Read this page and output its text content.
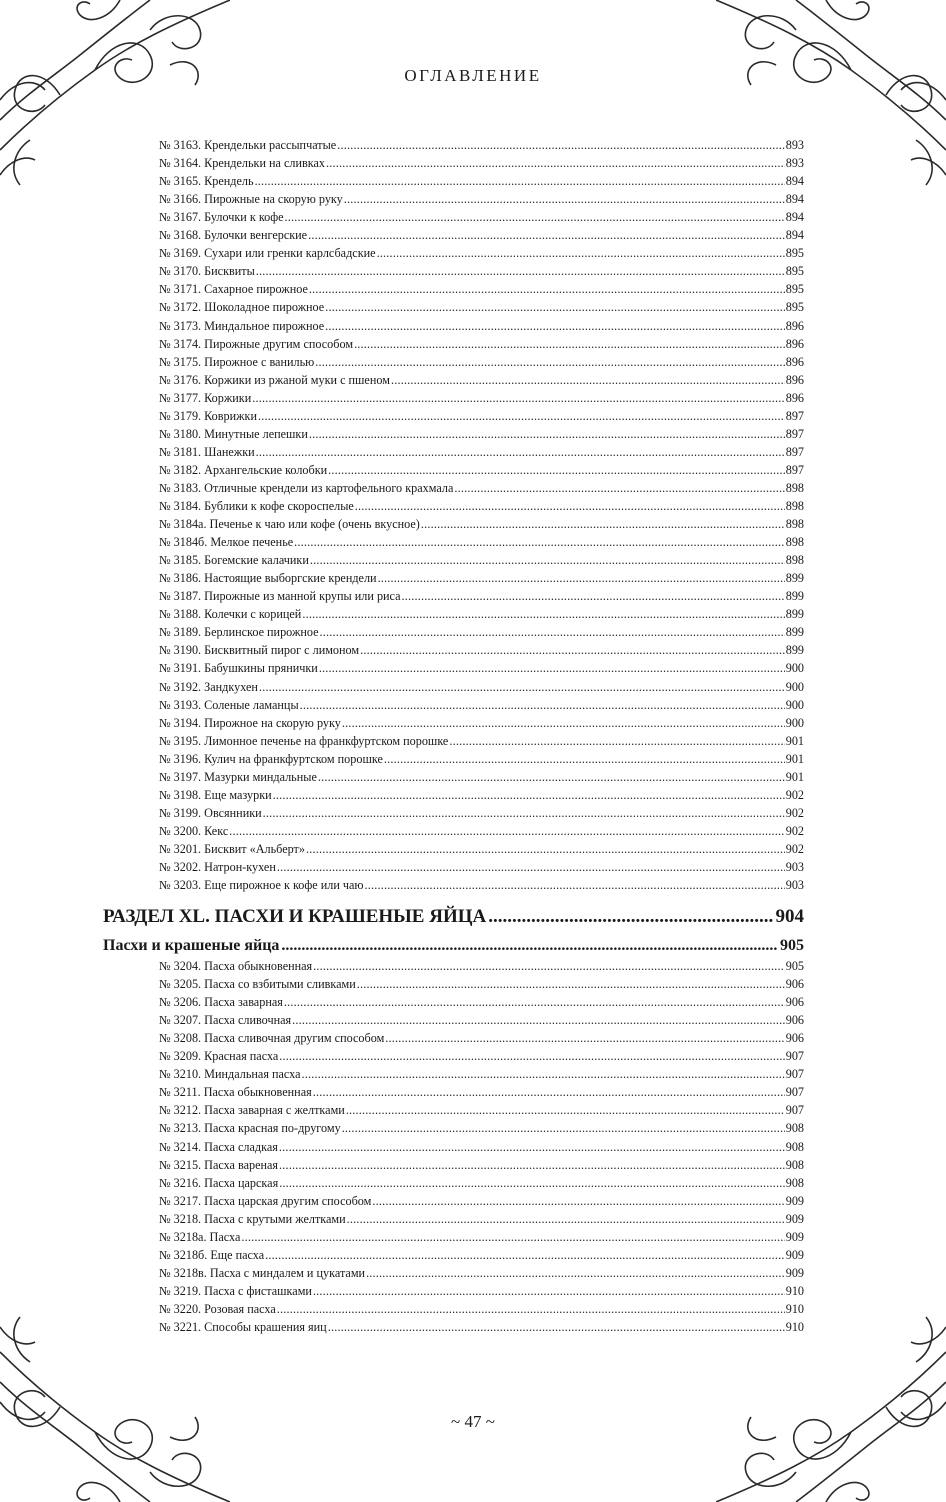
ОГЛАВЛЕНИЕ
№ 3163. Крендельки рассыпчатые .....	893
№ 3164. Крендельки на сливках .....	893
№ 3165. Крендель .....	894
№ 3166. Пирожные на скорую руку .....	894
№ 3167. Булочки к кофе .....	894
№ 3168. Булочки венгерские .....	894
№ 3169. Сухари или гренки карлсбадские .....	895
№ 3170. Бисквиты .....	895
№ 3171. Сахарное пирожное .....	895
№ 3172. Шоколадное пирожное .....	895
№ 3173. Миндальное пирожное .....	896
№ 3174. Пирожные другим способом .....	896
№ 3175. Пирожное с ванилью .....	896
№ 3176. Коржики из ржаной муки с пшеном .....	896
№ 3177. Коржики .....	896
№ 3179. Коврижки .....	897
№ 3180. Минутные лепешки .....	897
№ 3181. Шанежки .....	897
№ 3182. Архангельские колобки .....	897
№ 3183. Отличные крендели из картофельного крахмала .....	898
№ 3184. Бублики к кофе скороспелые .....	898
№ 3184а. Печенье к чаю или кофе (очень вкусное) .....	898
№ 3184б. Мелкое печенье .....	898
№ 3185. Богемские калачики .....	898
№ 3186. Настоящие выборгские крендели .....	899
№ 3187. Пирожные из манной крупы или риса .....	899
№ 3188. Колечки с корицей .....	899
№ 3189. Берлинское пирожное .....	899
№ 3190. Бисквитный пирог с лимоном .....	899
№ 3191. Бабушкины прянички .....	900
№ 3192. Зандкухен .....	900
№ 3193. Соленые ламанцы .....	900
№ 3194. Пирожное на скорую руку .....	900
№ 3195. Лимонное печенье на франкфуртском порошке .....	901
№ 3196. Кулич на франкфуртском порошке .....	901
№ 3197. Мазурки миндальные .....	901
№ 3198. Еще мазурки .....	902
№ 3199. Овсянники .....	902
№ 3200. Кекс .....	902
№ 3201. Бисквит «Альберт» .....	902
№ 3202. Натрон-кухен .....	903
№ 3203. Еще пирожное к кофе или чаю .....	903
РАЗДЕЛ XL. ПАСХИ И КРАШЕНЫЕ ЯЙЦА .....	904
Пасхи и крашеные яйца .....	905
№ 3204. Пасха обыкновенная .....	905
№ 3205. Пасха со взбитыми сливками .....	906
№ 3206. Пасха заварная .....	906
№ 3207. Пасха сливочная .....	906
№ 3208. Пасха сливочная другим способом .....	906
№ 3209. Красная пасха .....	907
№ 3210. Миндальная пасха .....	907
№ 3211. Пасха обыкновенная .....	907
№ 3212. Пасха заварная с желтками .....	907
№ 3213. Пасха красная по-другому .....	908
№ 3214. Пасха сладкая .....	908
№ 3215. Пасха вареная .....	908
№ 3216. Пасха царская .....	908
№ 3217. Пасха царская другим способом .....	909
№ 3218. Пасха с крутыми желтками .....	909
№ 3218а. Пасха .....	909
№ 3218б. Еще пасха .....	909
№ 3218в. Пасха с миндалем и цукатами .....	909
№ 3219. Пасха с фисташками .....	910
№ 3220. Розовая пасха .....	910
№ 3221. Способы крашения яиц .....	910
~ 47 ~
